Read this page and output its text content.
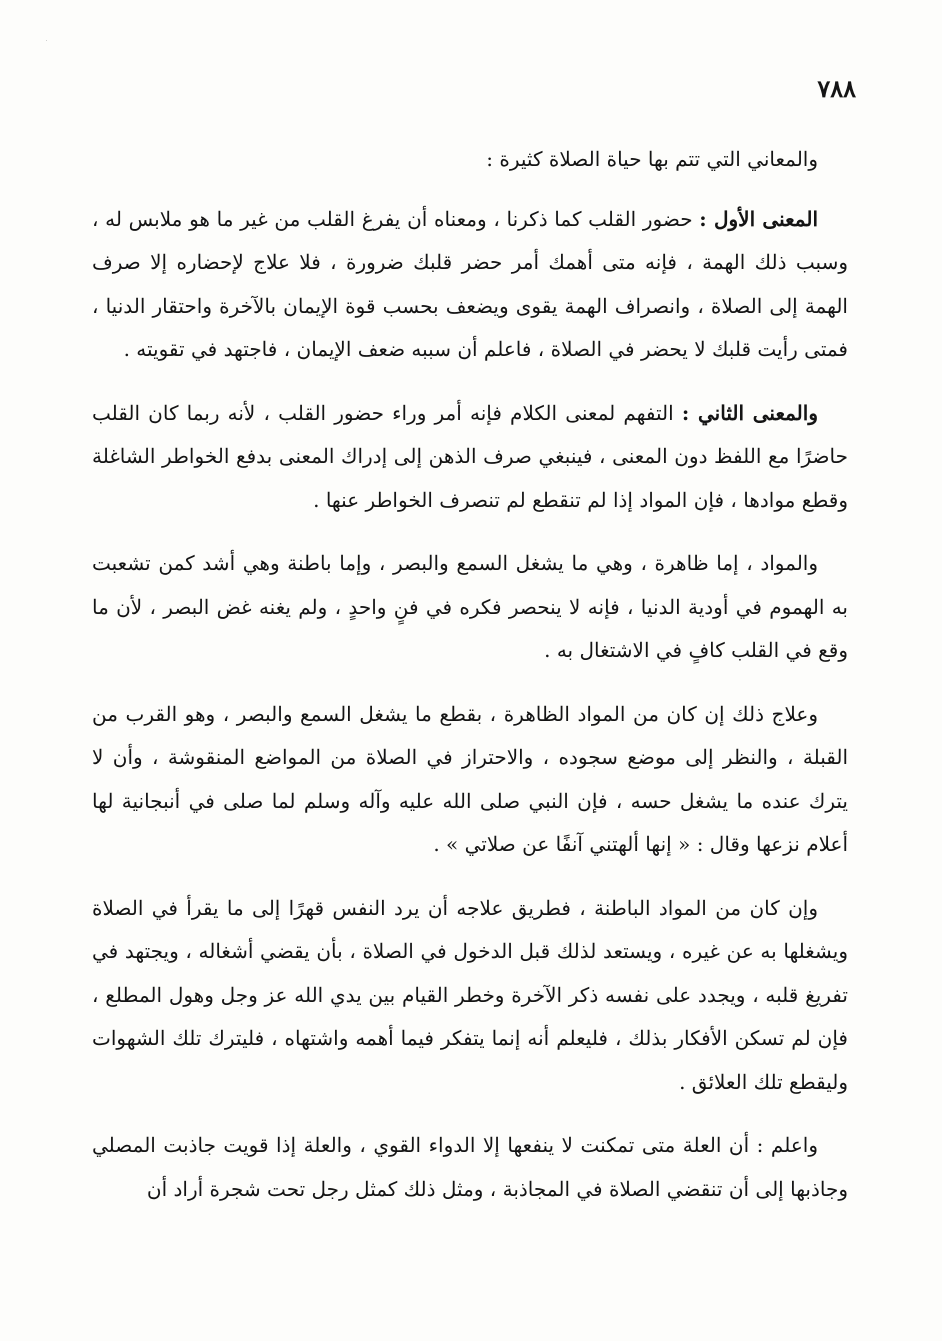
٧٨٨

والمعاني التي تتم بها حياة الصلاة كثيرة :

المعنى الأول : حضور القلب كما ذكرنا ، ومعناه أن يفرغ القلب من غير ما هو ملابس له ، وسبب ذلك الهمة ، فإنه متى أهمك أمر حضر قلبك ضرورة ، فلا علاج لإحضاره إلا صرف الهمة إلى الصلاة ، وانصراف الهمة يقوى ويضعف بحسب قوة الإيمان بالآخرة واحتقار الدنيا ، فمتى رأيت قلبك لا يحضر في الصلاة ، فاعلم أن سببه ضعف الإيمان ، فاجتهد في تقويته .

والمعنى الثاني : التفهم لمعنى الكلام فإنه أمر وراء حضور القلب ، لأنه ربما كان القلب حاضرًا مع اللفظ دون المعنى ، فينبغي صرف الذهن إلى إدراك المعنى بدفع الخواطر الشاغلة وقطع موادها ، فإن المواد إذا لم تنقطع لم تنصرف الخواطر عنها .

والمواد ، إما ظاهرة ، وهي ما يشغل السمع والبصر ، وإما باطنة وهي أشد كمن تشعبت به الهموم في أودية الدنيا ، فإنه لا ينحصر فكره في فنٍ واحدٍ ، ولم يغنه غض البصر ، لأن ما وقع في القلب كافٍ في الاشتغال به .

وعلاج ذلك إن كان من المواد الظاهرة ، بقطع ما يشغل السمع والبصر ، وهو القرب من القبلة ، والنظر إلى موضع سجوده ، والاحتراز في الصلاة من المواضع المنقوشة ، وأن لا يترك عنده ما يشغل حسه ، فإن النبي صلى الله عليه وآله وسلم لما صلى في أنبجانية لها أعلام نزعها وقال : « إنها ألهتني آنفًا عن صلاتي » .

وإن كان من المواد الباطنة ، فطريق علاجه أن يرد النفس قهرًا إلى ما يقرأ في الصلاة ويشغلها به عن غيره ، ويستعد لذلك قبل الدخول في الصلاة ، بأن يقضي أشغاله ، ويجتهد في تفريغ قلبه ، ويجدد على نفسه ذكر الآخرة وخطر القيام بين يدي الله عز وجل وهول المطلع ، فإن لم تسكن الأفكار بذلك ، فليعلم أنه إنما يتفكر فيما أهمه واشتهاه ، فليترك تلك الشهوات وليقطع تلك العلائق .

واعلم : أن العلة متى تمكنت لا ينفعها إلا الدواء القوي ، والعلة إذا قويت جاذبت المصلي وجاذبها إلى أن تنقضي الصلاة في المجاذبة ، ومثل ذلك كمثل رجل تحت شجرة أراد أن
